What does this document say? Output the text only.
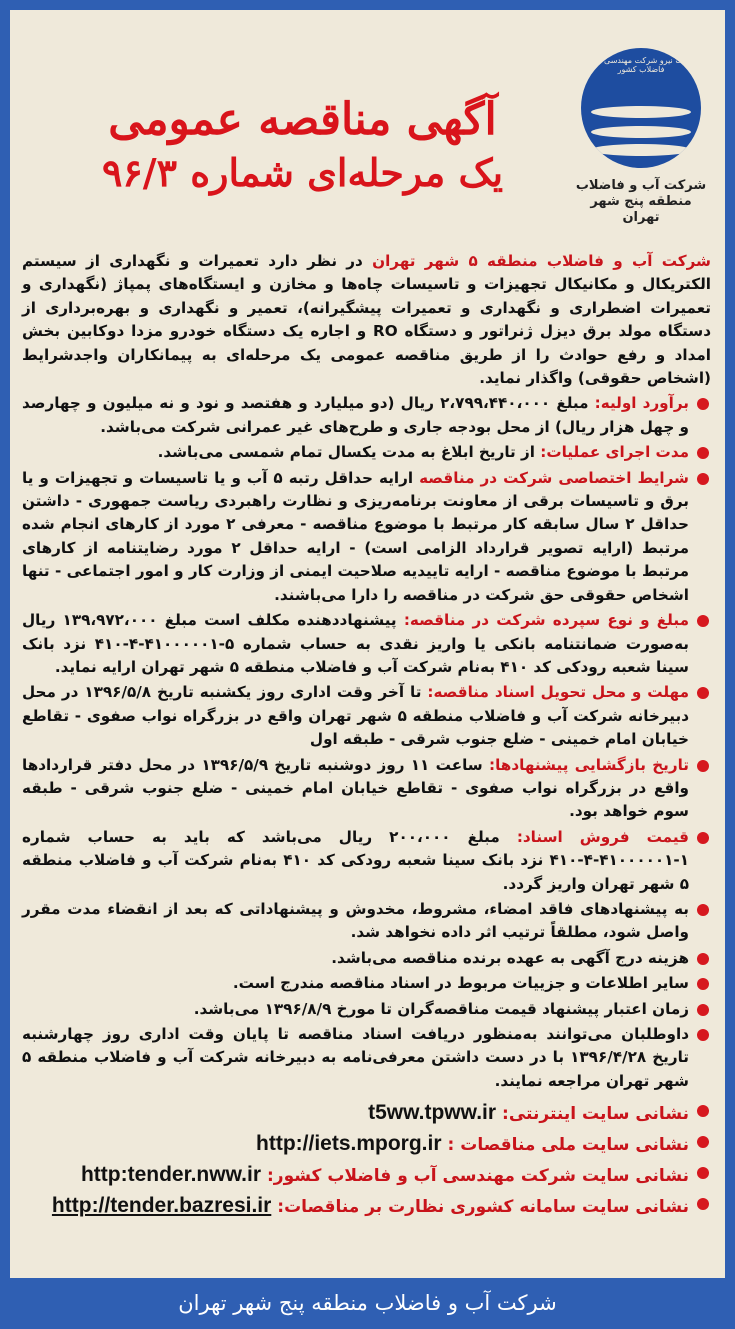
وزارت نیرو شرکت مهندسی آب و فاضلاب کشور
شرکت آب و فاضلاب
منطقه پنج شهر تهران
آگهی مناقصه عمومی
یک مرحله‌ای شماره ۹۶/۳

شرکت آب و فاضلاب منطقه ۵ شهر تهران در نظر دارد تعمیرات و نگهداری از سیستم الکتریکال و مکانیکال تجهیزات و تاسیسات چاه‌ها و مخازن و ایستگاه‌های پمپاژ (نگهداری و تعمیرات اضطراری و نگهداری و تعمیرات پیشگیرانه)، تعمیر و نگهداری و بهره‌برداری از دستگاه مولد برق دیزل ژنراتور و دستگاه RO و اجاره یک دستگاه خودرو مزدا دوکابین بخش امداد و رفع حوادث را از طریق مناقصه عمومی یک مرحله‌ای به پیمانکاران واجدشرایط (اشخاص حقوقی) واگذار نماید.

برآورد اولیه: مبلغ ۲،۷۹۹،۴۴۰،۰۰۰ ریال (دو میلیارد و هفتصد و نود و نه میلیون و چهارصد و چهل هزار ریال) از محل بودجه جاری و طرح‌های غیر عمرانی شرکت می‌باشد.
مدت اجرای عملیات: از تاریخ ابلاغ به مدت یکسال تمام شمسی می‌باشد.
شرایط اختصاصی شرکت در مناقصه ارایه حداقل رتبه ۵ آب و یا تاسیسات و تجهیزات و یا برق و تاسیسات برقی از معاونت برنامه‌ریزی و نظارت راهبردی ریاست جمهوری - داشتن حداقل ۲ سال سابقه کار مرتبط با موضوع مناقصه - معرفی ۲ مورد از کارهای انجام شده مرتبط (ارایه تصویر قرارداد الزامی است) - ارایه حداقل ۲ مورد رضایتنامه از کارهای مرتبط با موضوع مناقصه - ارایه تاییدیه صلاحیت ایمنی از وزارت کار و امور اجتماعی - تنها اشخاص حقوقی حق شرکت در مناقصه را دارا می‌باشند.
مبلغ و نوع سپرده شرکت در مناقصه: پیشنهاددهنده مکلف است مبلغ ۱۳۹،۹۷۲،۰۰۰ ریال به‌صورت ضمانتنامه بانکی یا واریز نقدی به حساب شماره ۵-۴۱۰۰۰۰۰۱-۴-۴۱۰ نزد بانک سینا شعبه رودکی کد ۴۱۰ به‌نام شرکت آب و فاضلاب منطقه ۵ شهر تهران ارایه نماید.
مهلت و محل تحویل اسناد مناقصه: تا آخر وقت اداری روز یکشنبه تاریخ ۱۳۹۶/۵/۸ در محل دبیرخانه شرکت آب و فاضلاب منطقه ۵ شهر تهران واقع در بزرگراه نواب صفوی - تقاطع خیابان امام خمینی - ضلع جنوب شرقی - طبقه اول
تاریخ بازگشایی پیشنهادها: ساعت ۱۱ روز دوشنبه تاریخ ۱۳۹۶/۵/۹ در محل دفتر قراردادها واقع در بزرگراه نواب صفوی - تقاطع خیابان امام خمینی - ضلع جنوب شرقی - طبقه سوم خواهد بود.
قیمت فروش اسناد: مبلغ ۲۰۰،۰۰۰ ریال می‌باشد که باید به حساب شماره ۱-۴۱۰۰۰۰۰۱-۴-۴۱۰ نزد بانک سینا شعبه رودکی کد ۴۱۰ به‌نام شرکت آب و فاضلاب منطقه ۵ شهر تهران واریز گردد.
به پیشنهادهای فاقد امضاء، مشروط، مخدوش و پیشنهاداتی که بعد از انقضاء مدت مقرر واصل شود، مطلقاً ترتیب اثر داده نخواهد شد.
هزینه درج آگهی به عهده برنده مناقصه می‌باشد.
سایر اطلاعات و جزییات مربوط در اسناد مناقصه مندرج است.
زمان اعتبار پیشنهاد قیمت مناقصه‌گران تا مورخ ۱۳۹۶/۸/۹ می‌باشد.
داوطلبان می‌توانند به‌منظور دریافت اسناد مناقصه تا پایان وقت اداری روز چهارشنبه تاریخ ۱۳۹۶/۴/۲۸ با در دست داشتن معرفی‌نامه به دبیرخانه شرکت آب و فاضلاب منطقه ۵ شهر تهران مراجعه نمایند.
نشانی سایت اینترنتی:t5ww.tpww.ir
نشانی سایت ملی مناقصات :http://iets.mporg.ir
نشانی سایت شرکت مهندسی آب و فاضلاب کشور:http:tender.nww.ir
نشانی سایت سامانه کشوری نظارت بر مناقصات:http://tender.bazresi.ir
شرکت آب و فاضلاب منطقه پنج شهر تهران
